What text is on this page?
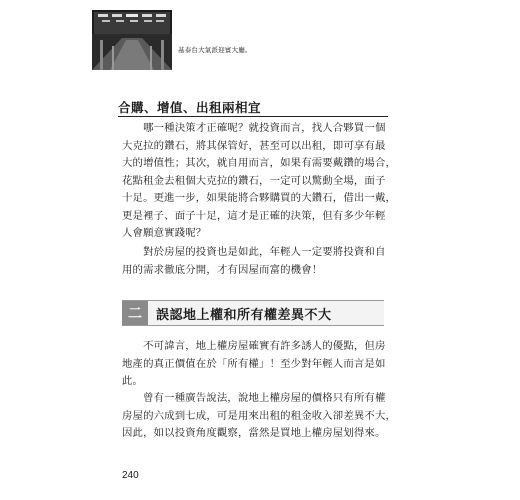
基泰台大氣派迎賓大廳。
合購、增值、出租兩相宜

　　哪一種決策才正確呢？就投資而言，找人合夥買一個
大克拉的鑽石，將其保管好，甚至可以出租，即可享有最
大的增值性；其次，就自用而言，如果有需要戴鑽的場合，
花點租金去租個大克拉的鑽石，一定可以驚動全場，面子
十足。更進一步，如果能將合夥購買的大鑽石，借出一戴，
更是裡子、面子十足，這才是正確的決策，但有多少年輕
人會願意實踐呢？

　　對於房屋的投資也是如此，年輕人一定要將投資和自
用的需求徹底分開，才有因屋而富的機會！

二	誤認地上權和所有權差異不大

　　不可諱言，地上權房屋確實有許多誘人的優點，但房
地產的真正價值在於「所有權」！至少對年輕人而言是如
此。

　　曾有一種廣告說法，說地上權房屋的價格只有所有權
房屋的六成到七成，可是用來出租的租金收入卻差異不大，
因此，如以投資角度觀察，當然是買地上權房屋划得來。

240
